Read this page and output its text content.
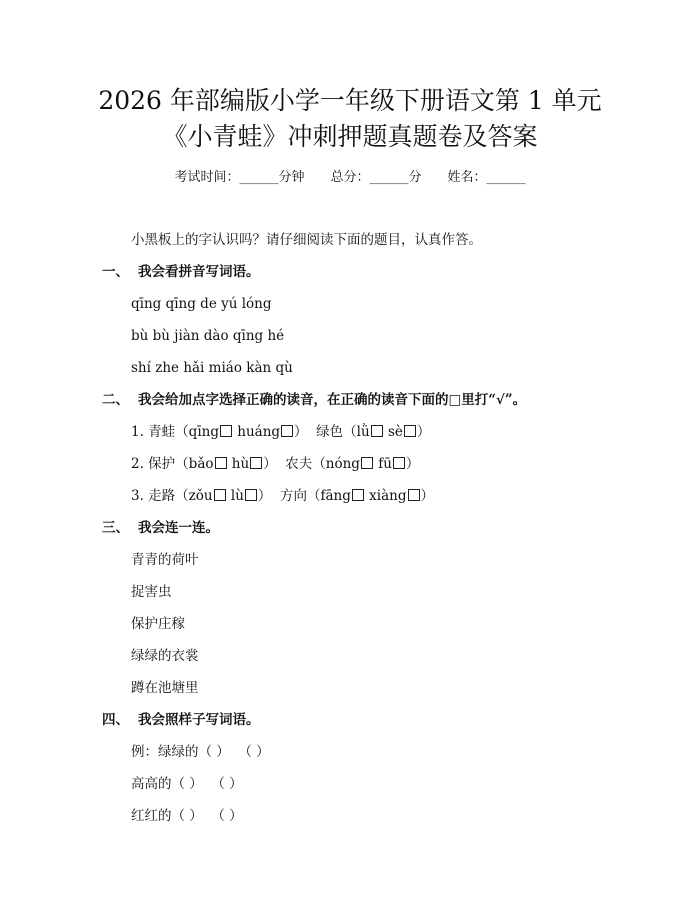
2026 年部编版小学一年级下册语文第 1 单元
《小青蛙》冲刺押题真题卷及答案
考试时间：______分钟 总分：______分 姓名：______
小黑板上的字认识吗？请仔细阅读下面的题目，认真作答。
一、 我会看拼音写词语。
qīng qīng de yú lóng
bù bù jiàn dào qīng hé
shí zhe hǎi miáo kàn qù
二、 我会给加点字选择正确的读音，在正确的读音下面的□里打“√”。
1. 青蛙（qīng huáng ）  绿色（lǜ sè ）
2. 保护（bǎo hù ）  农夫（nóng fū ）
3. 走路（zǒu lù ）  方向（fāng xiàng ）
三、 我会连一连。
青青的荷叶
捉害虫
保护庄稼
绿绿的衣裳
蹲在池塘里
四、 我会照样子写词语。
例：绿绿的（ ）  （ ）
高高的（ ）  （ ）
红红的（ ）  （ ）
